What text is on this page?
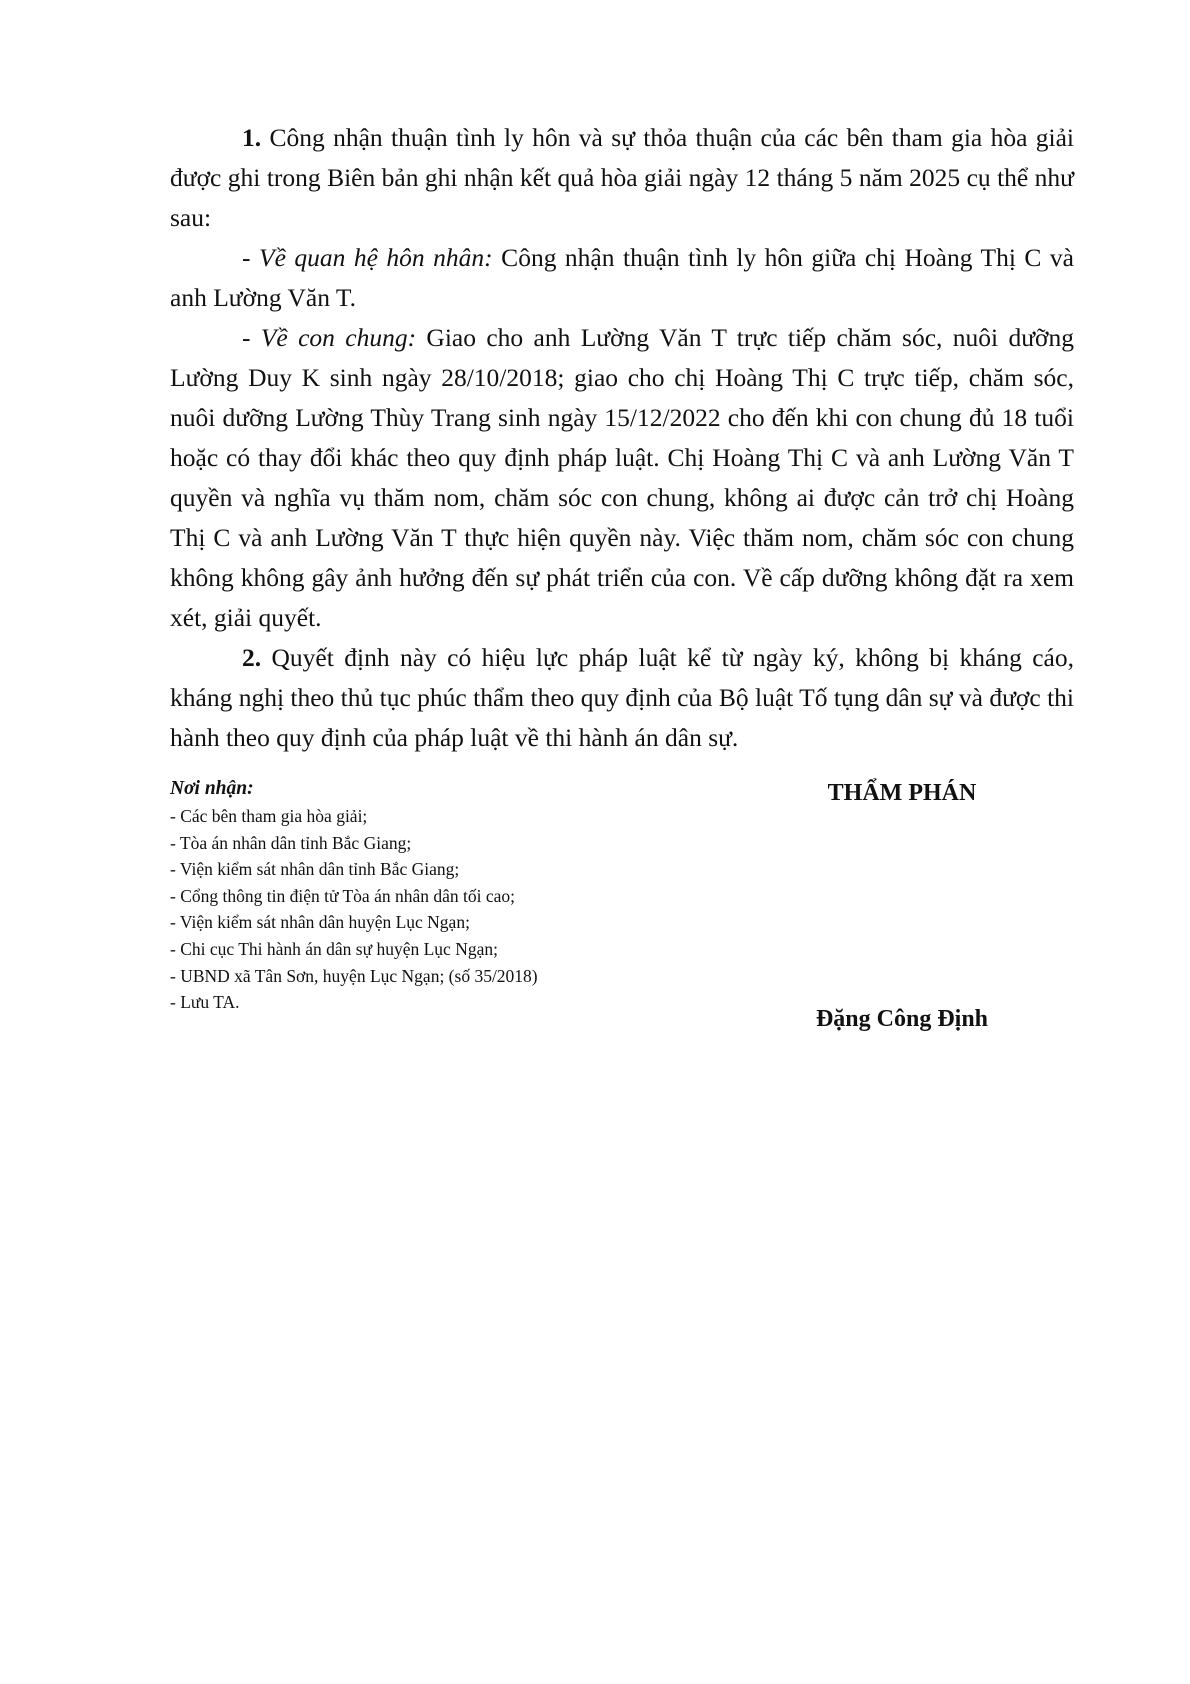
1. Công nhận thuận tình ly hôn và sự thỏa thuận của các bên tham gia hòa giải được ghi trong Biên bản ghi nhận kết quả hòa giải ngày 12 tháng 5 năm 2025 cụ thể như sau:

- Về quan hệ hôn nhân: Công nhận thuận tình ly hôn giữa chị Hoàng Thị C và anh Lường Văn T.

- Về con chung: Giao cho anh Lường Văn T trực tiếp chăm sóc, nuôi dưỡng Lường Duy K sinh ngày 28/10/2018; giao cho chị Hoàng Thị C trực tiếp, chăm sóc, nuôi dưỡng Lường Thùy Trang sinh ngày 15/12/2022 cho đến khi con chung đủ 18 tuổi hoặc có thay đổi khác theo quy định pháp luật. Chị Hoàng Thị C và anh Lường Văn T quyền và nghĩa vụ thăm nom, chăm sóc con chung, không ai được cản trở chị Hoàng Thị C và anh Lường Văn T thực hiện quyền này. Việc thăm nom, chăm sóc con chung không không gây ảnh hưởng đến sự phát triển của con. Về cấp dưỡng không đặt ra xem xét, giải quyết.

2. Quyết định này có hiệu lực pháp luật kể từ ngày ký, không bị kháng cáo, kháng nghị theo thủ tục phúc thẩm theo quy định của Bộ luật Tố tụng dân sự và được thi hành theo quy định của pháp luật về thi hành án dân sự.

Nơi nhận:

- Các bên tham gia hòa giải;
- Tòa án nhân dân tỉnh Bắc Giang;
- Viện kiểm sát nhân dân tỉnh Bắc Giang;
- Cổng thông tin điện tử Tòa án nhân dân tối cao;
- Viện kiểm sát nhân dân huyện Lục Ngạn;
- Chi cục Thi hành án dân sự huyện Lục Ngạn;
- UBND xã Tân Sơn, huyện Lục Ngạn; (số 35/2018)
- Lưu TA.
THẨM PHÁN
Đặng Công Định
